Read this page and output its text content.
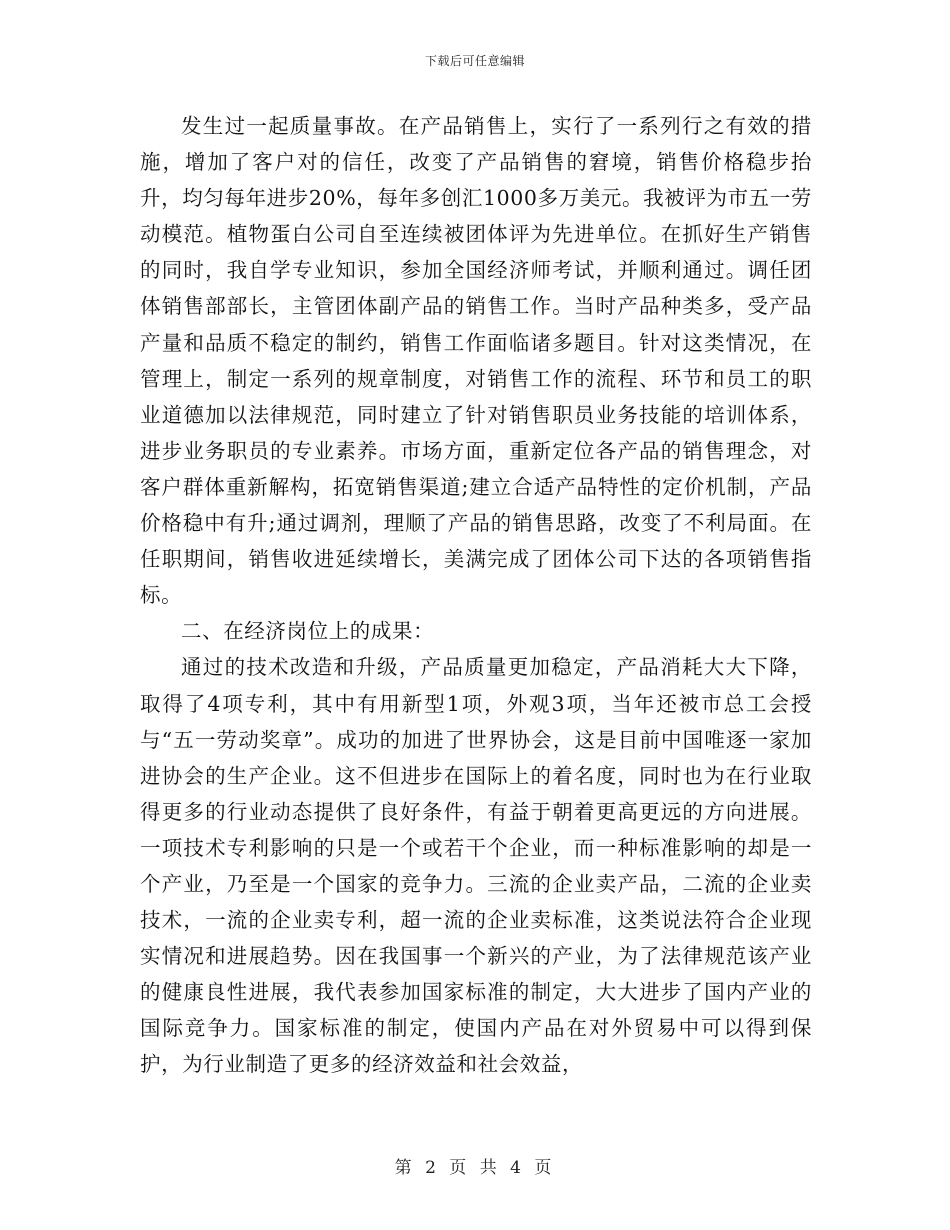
下载后可任意编辑

发生过一起质量事故。在产品销售上，实行了一系列行之有效的措施，增加了客户对的信任，改变了产品销售的窘境，销售价格稳步抬升，均匀每年进步20%，每年多创汇1000多万美元。我被评为市五一劳动模范。植物蛋白公司自至连续被团体评为先进单位。在抓好生产销售的同时，我自学专业知识，参加全国经济师考试，并顺利通过。调任团体销售部部长，主管团体副产品的销售工作。当时产品种类多，受产品产量和品质不稳定的制约，销售工作面临诸多题目。针对这类情况，在管理上，制定一系列的规章制度，对销售工作的流程、环节和员工的职业道德加以法律规范，同时建立了针对销售职员业务技能的培训体系，进步业务职员的专业素养。市场方面，重新定位各产品的销售理念，对客户群体重新解构，拓宽销售渠道;建立合适产品特性的定价机制，产品价格稳中有升;通过调剂，理顺了产品的销售思路，改变了不利局面。在任职期间，销售收进延续增长，美满完成了团体公司下达的各项销售指标。

二、在经济岗位上的成果：

通过的技术改造和升级，产品质量更加稳定，产品消耗大大下降，取得了4项专利，其中有用新型1项，外观3项，当年还被市总工会授与“五一劳动奖章”。成功的加进了世界协会，这是目前中国唯逐一家加进协会的生产企业。这不但进步在国际上的着名度，同时也为在行业取得更多的行业动态提供了良好条件，有益于朝着更高更远的方向进展。一项技术专利影响的只是一个或若干个企业，而一种标准影响的却是一个产业，乃至是一个国家的竞争力。三流的企业卖产品，二流的企业卖技术，一流的企业卖专利，超一流的企业卖标准，这类说法符合企业现实情况和进展趋势。因在我国事一个新兴的产业，为了法律规范该产业的健康良性进展，我代表参加国家标准的制定，大大进步了国内产业的国际竞争力。国家标准的制定，使国内产品在对外贸易中可以得到保护，为行业制造了更多的经济效益和社会效益，

第 2 页 共 4 页
